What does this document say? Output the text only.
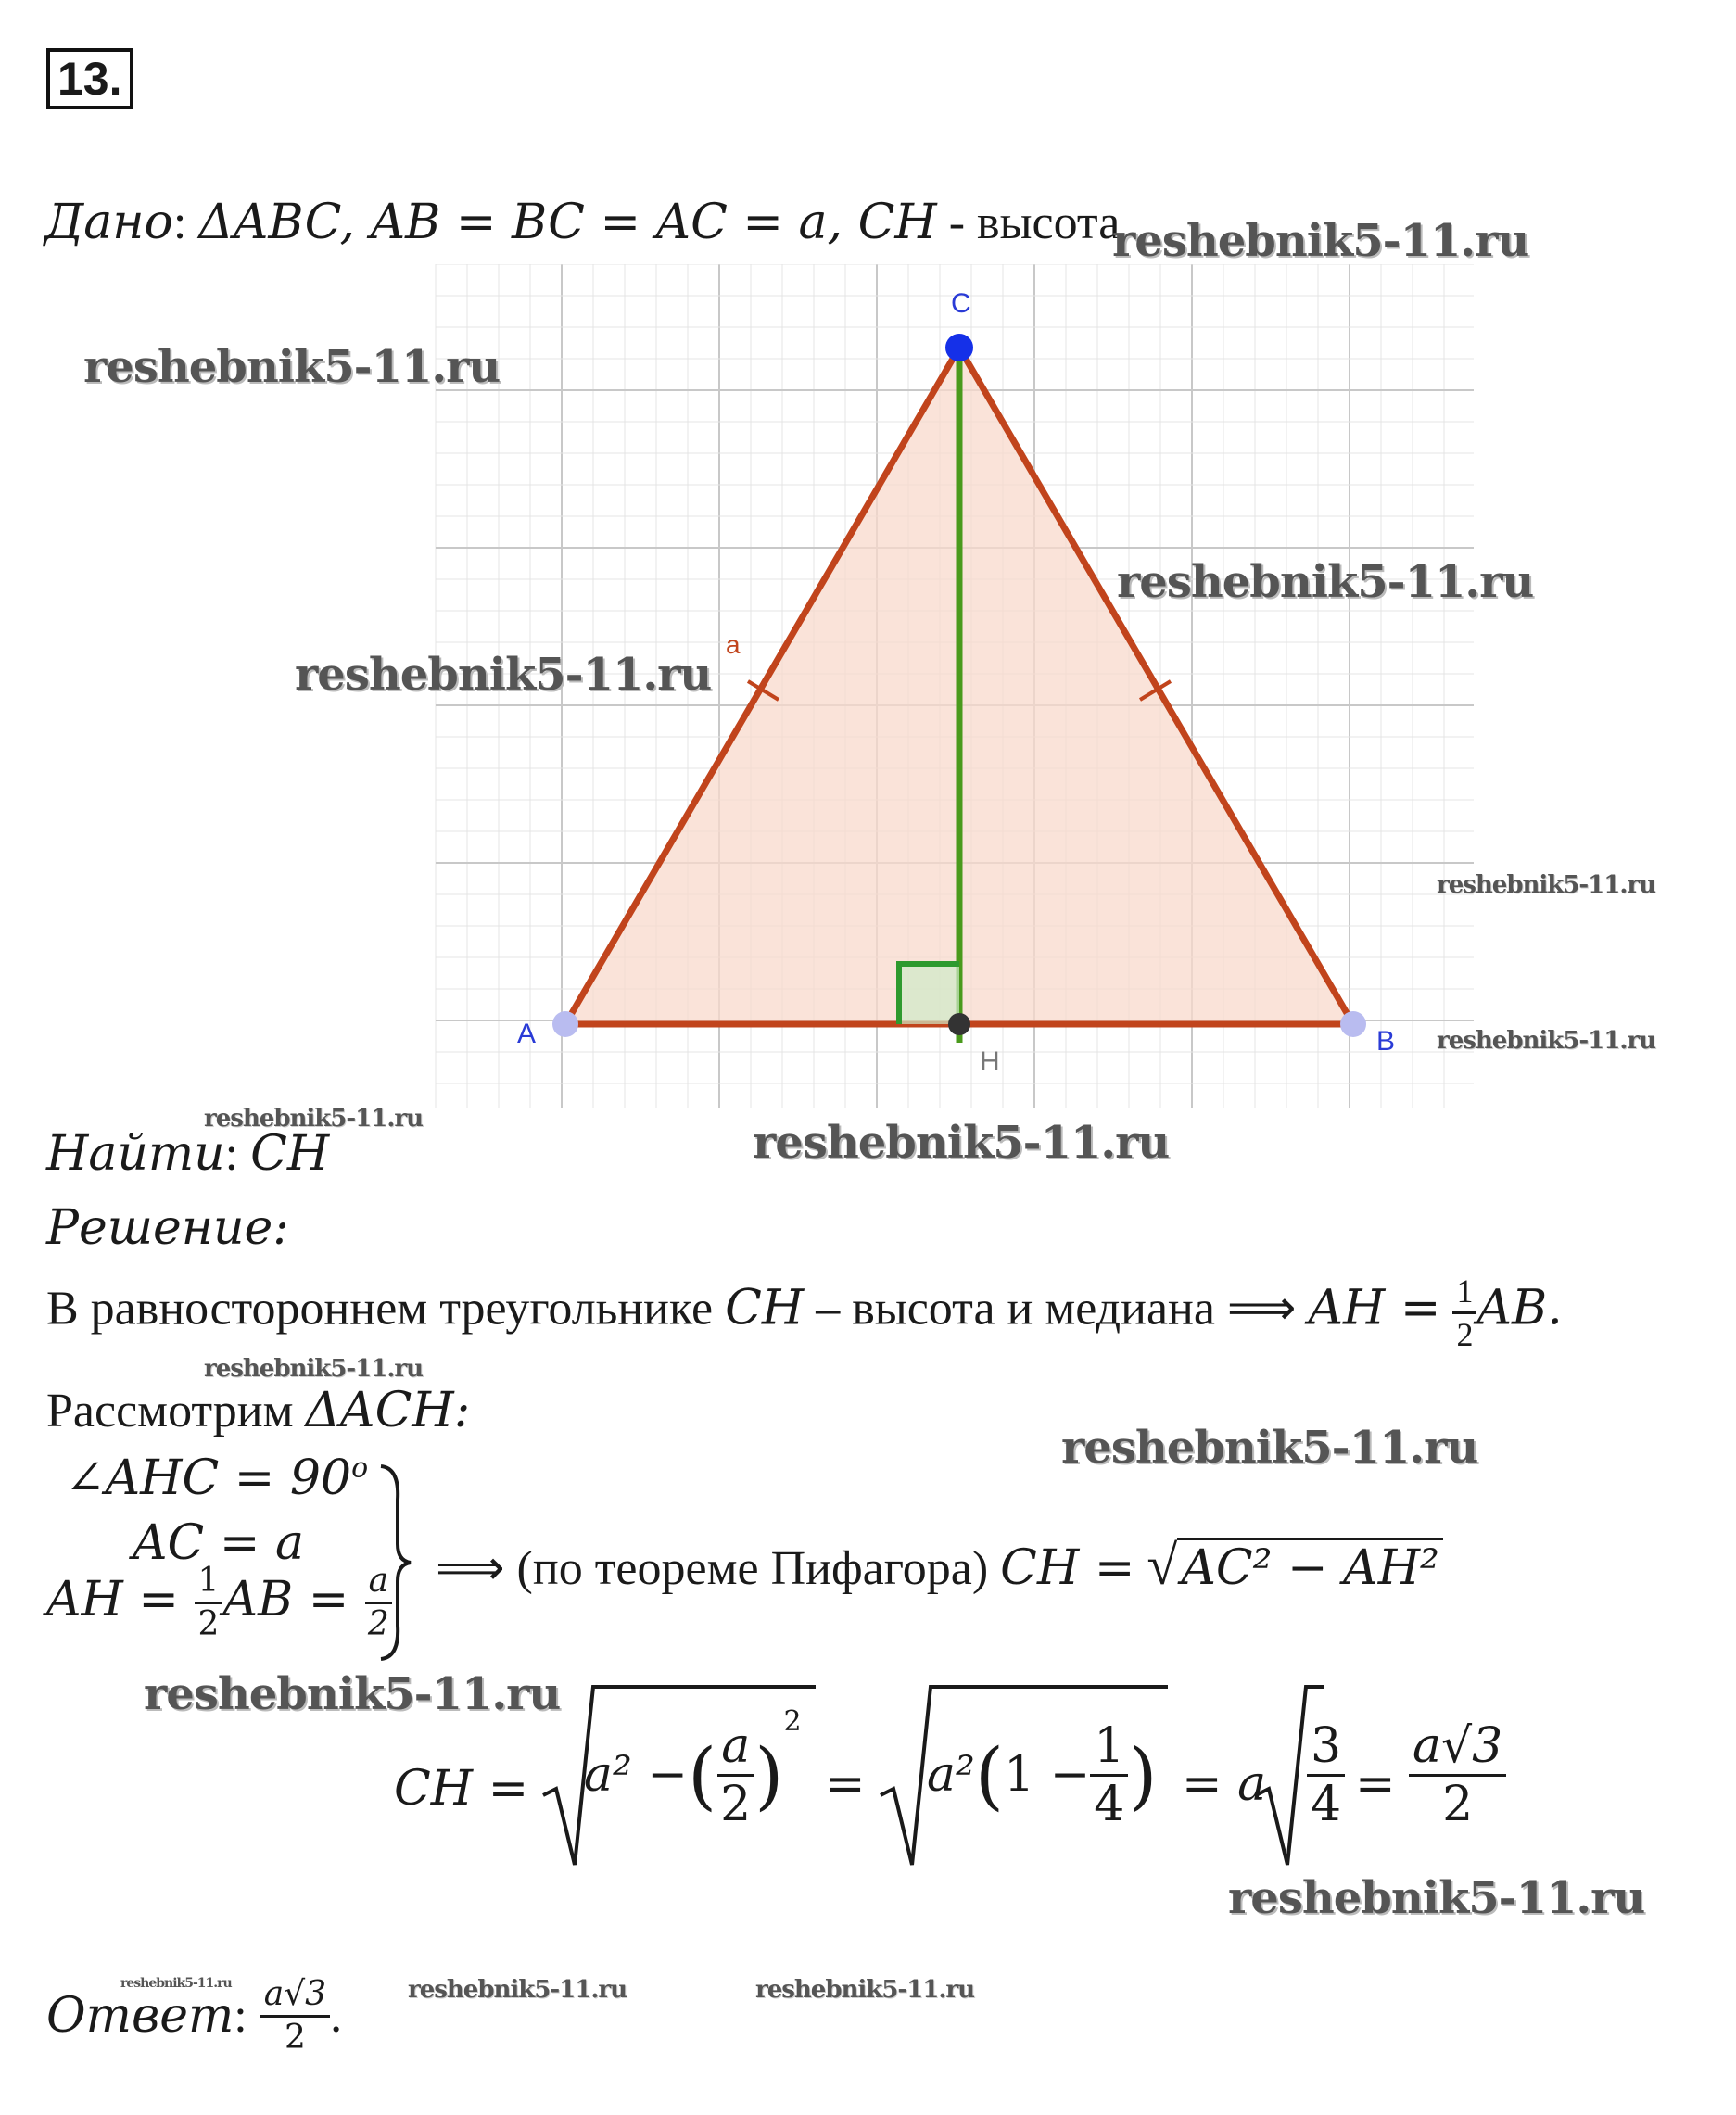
13.
Дано: ΔABC, AB = BC = AC = a, CH - высота
A	B
C
H
a
reshebnik5-11.ru
reshebnik5-11.ru
reshebnik5-11.ru
reshebnik5-11.ru
reshebnik5-11.ru
reshebnik5-11.ru
reshebnik5-11.ru	reshebnik5-11.ru
reshebnik5-11.ru
reshebnik5-11.ru
reshebnik5-11.ru
reshebnik5-11.ru
reshebnik5-11.ru	reshebnik5-11.ru
reshebnik5-11.ru
Найти: CH
Решение:
В равностороннем треугольнике CH – высота и медиана ⟹ AH = $\frac{1}{2}$ AB.
Рассмотрим ΔACH:
∠AHC = $90^o$
AC = a
AH = $\frac{1}{2}$ AB = $\frac{a}{2}$ ⟹ (по теореме Пифагора) CH = √AC² − AH²
CH = a² − ( $\frac{a}{2}$ )
$^2$
= a² ( $1 - \frac{1}{4}$ ) = a $\frac{3}{4} = \frac{a√3}{2}$
Ответ : $\frac{a√3}{2}$ .
